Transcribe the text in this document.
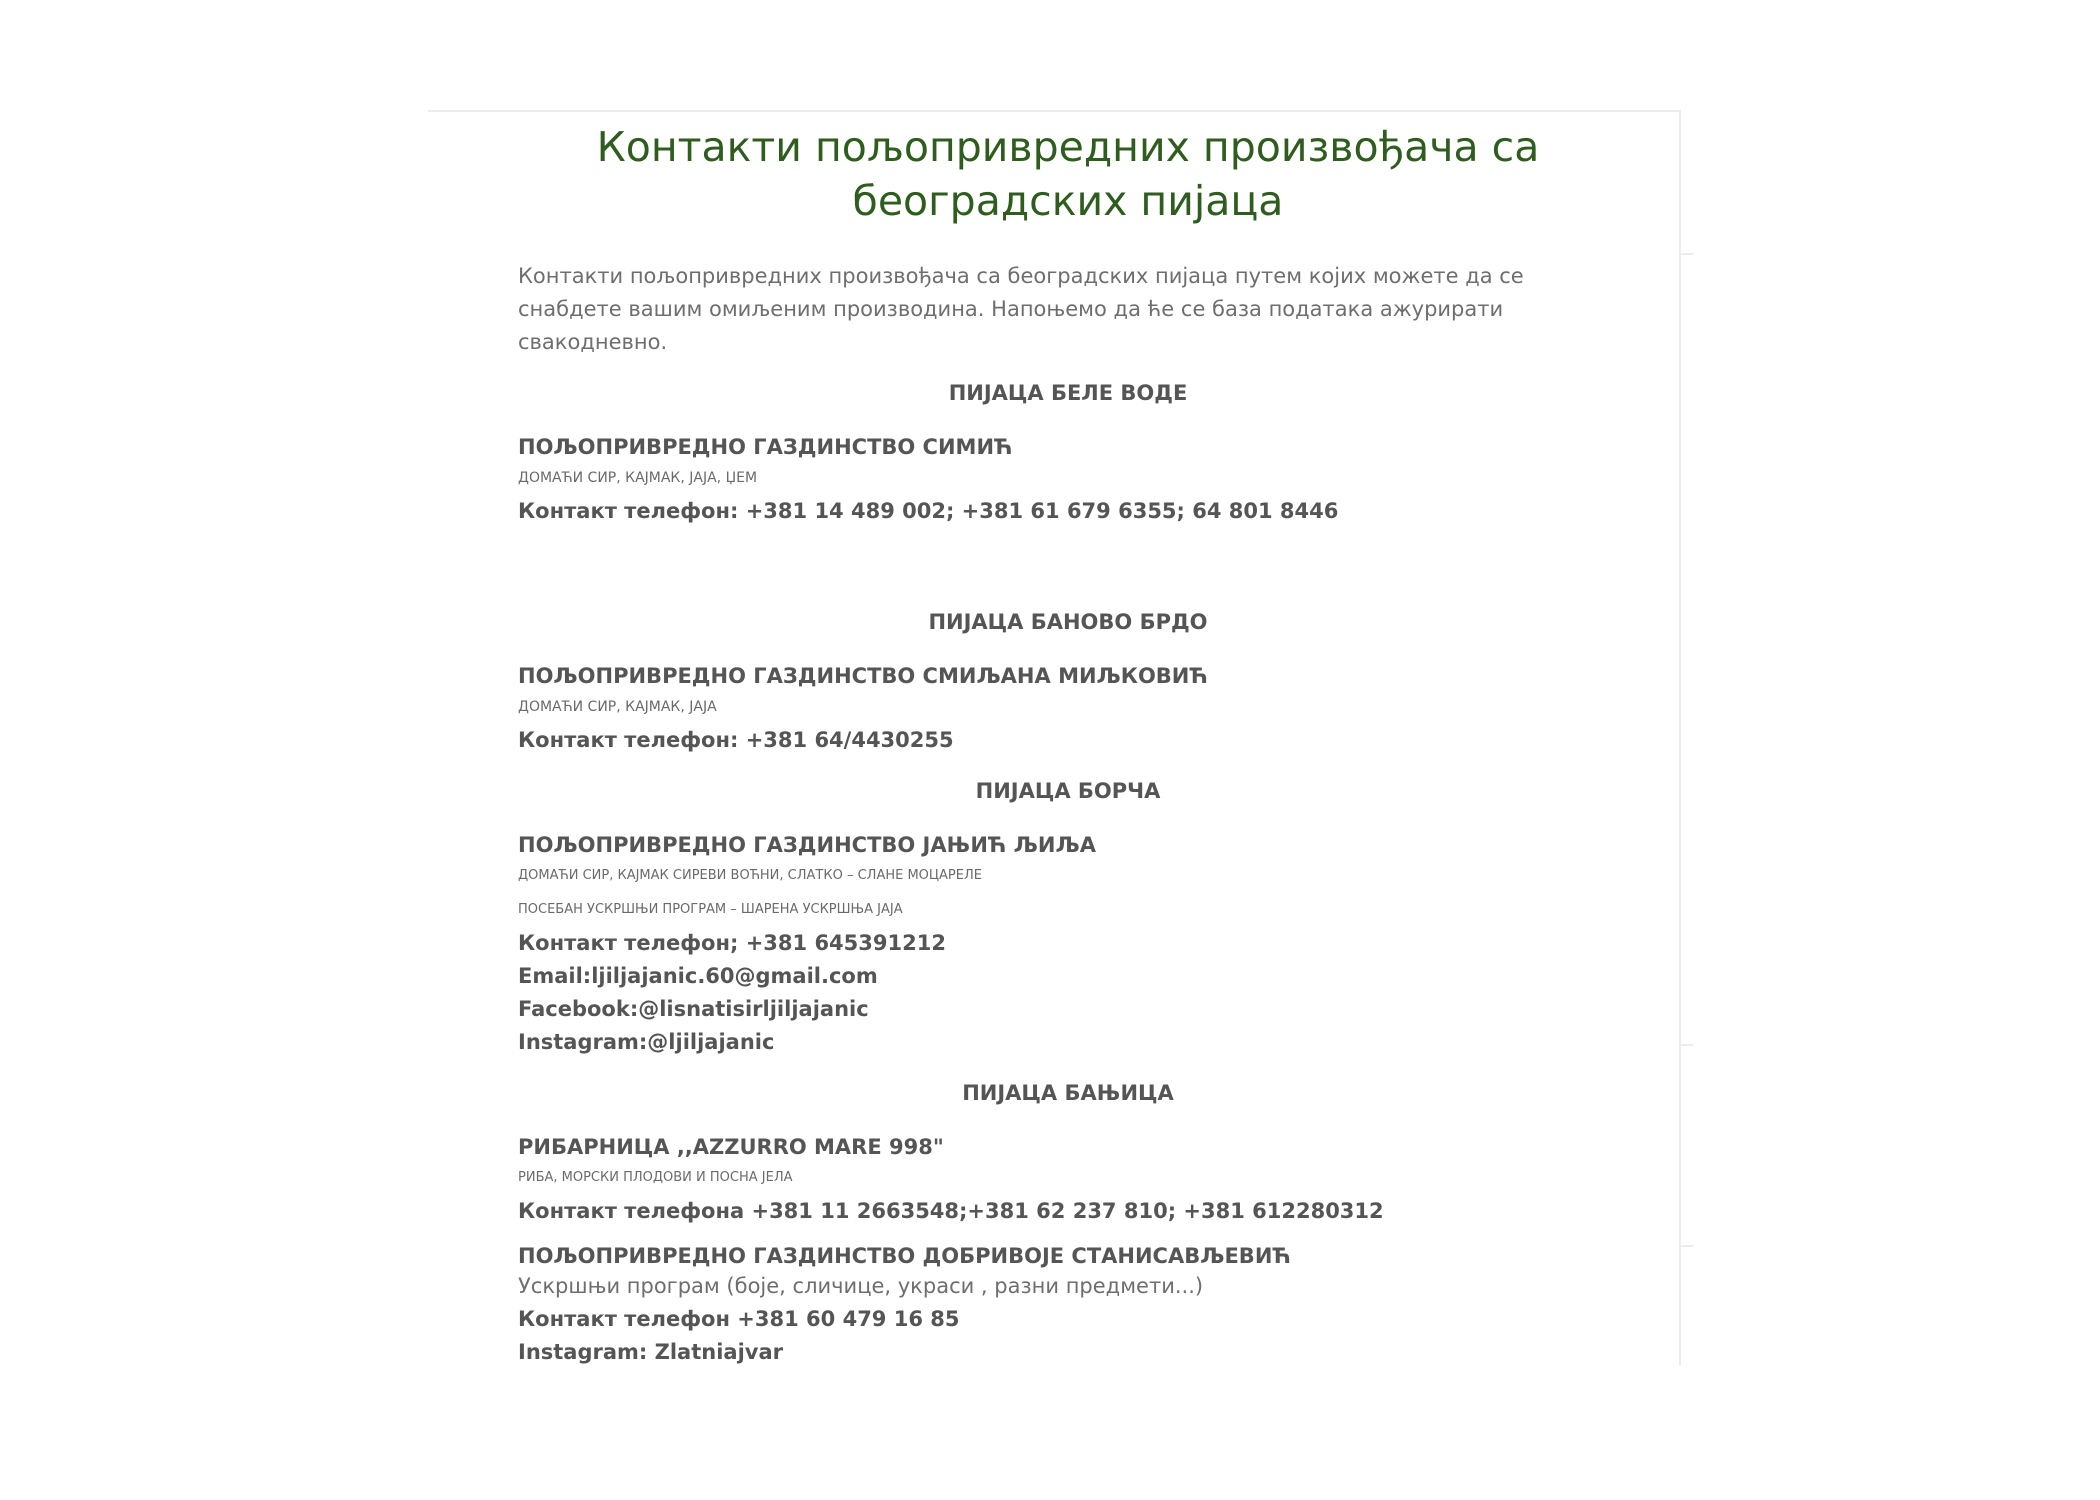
Контакти пољопривредних произвођача са београдских пијаца

Контакти пољопривредних произвођача са београдских пијаца путем којих можете да се снабдете вашим омиљеним производина. Напоњемо да ће се база података ажурирати свакодневно.

ПИЈАЦА БЕЛЕ ВОДЕ
ПОЉОПРИВРЕДНО ГАЗДИНСТВО СИМИЋ
ДОМАЋИ СИР, КАЈМАК, ЈАЈА, ЏЕМ
Контакт телефон: +381 14 489 002; +381 61 679 6355; 64 801 8446
ПИЈАЦА БАНОВО БРДО
ПОЉОПРИВРЕДНО ГАЗДИНСТВО СМИЉАНА МИЉКОВИЋ
ДОМАЋИ СИР, КАЈМАК, ЈАЈА
Контакт телефон: +381 64/4430255
ПИЈАЦА БОРЧА
ПОЉОПРИВРЕДНО ГАЗДИНСТВО ЈАЊИЋ ЉИЉА
ДОМАЋИ СИР, КАЈМАК СИРЕВИ ВОЋНИ, СЛАТКО – СЛАНЕ МОЦАРЕЛЕ
ПОСЕБАН УСКРШЊИ ПРОГРАМ – ШАРЕНА УСКРШЊА ЈАЈА
Контакт телефон; +381 645391212
Email:ljiljajanic.60@gmail.com
Facebook:@lisnatisirljiljajanic
Instagram:@ljiljajanic
ПИЈАЦА БАЊИЦА
РИБАРНИЦА ,,AZZURRO MARE 998"
РИБА, МОРСКИ ПЛОДОВИ И ПОСНА ЈЕЛА
Контакт телефона +381 11 2663548;+381 62 237 810; +381 612280312
ПОЉОПРИВРЕДНО ГАЗДИНСТВО ДОБРИВОЈЕ СТАНИСАВЉЕВИЋ
Ускршњи програм (боје, сличице, украси , разни предмети...)
Контакт телефон +381 60 479 16 85
Instagram: Zlatniajvar
